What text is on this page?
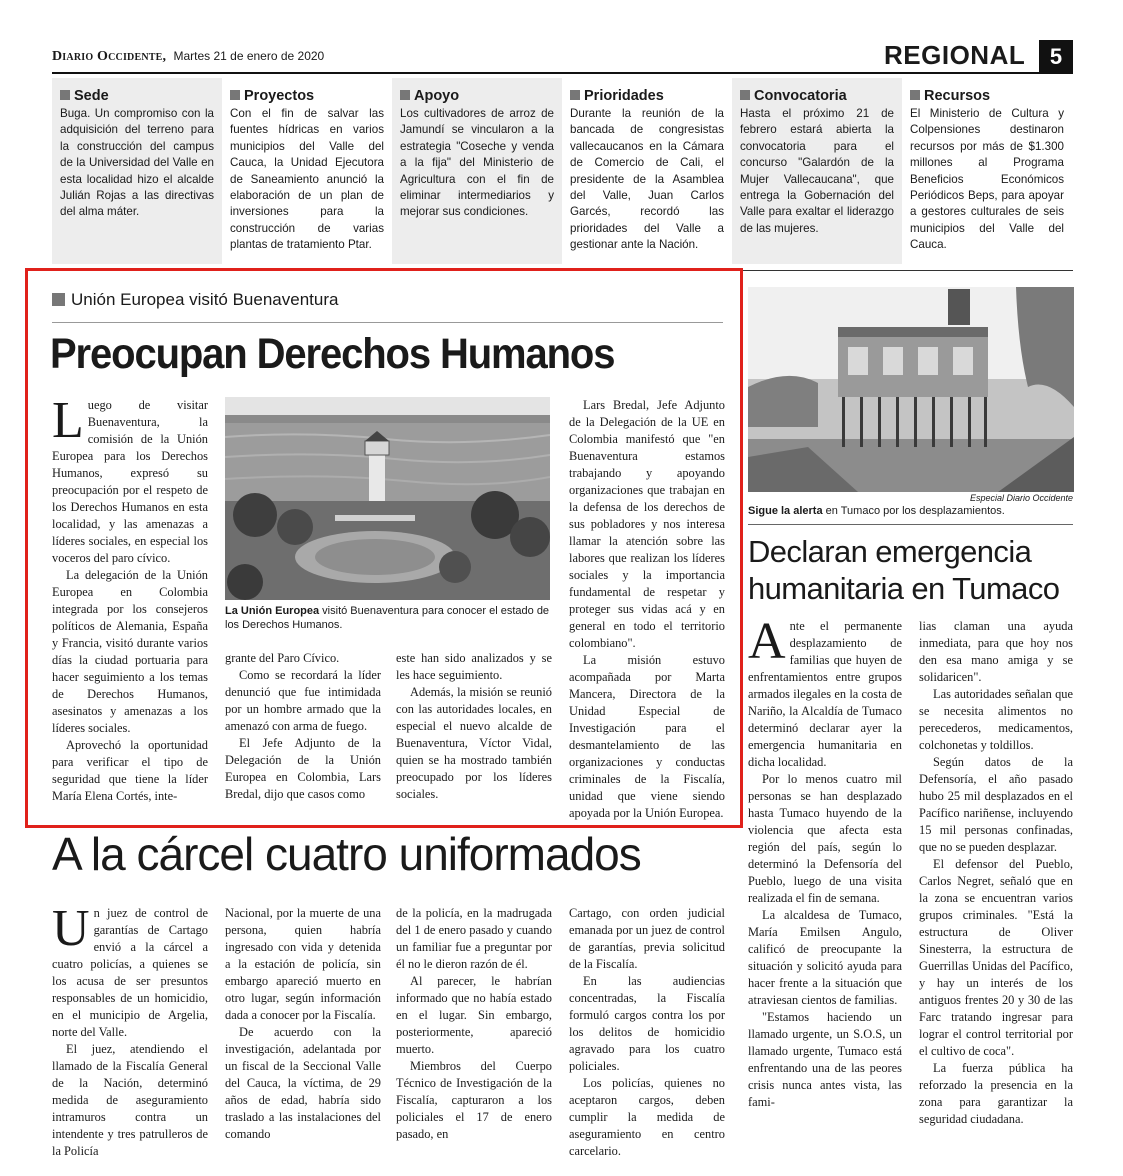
Diario Occidente, Martes 21 de enero de 2020	REGIONAL	5
Sede

Buga. Un compromiso con la adquisición del terreno para la construcción del campus de la Universidad del Valle en esta localidad hizo el alcalde Julián Rojas a las directivas del alma máter.

Proyectos

Con el fin de salvar las fuentes hídricas en varios municipios del Valle del Cauca, la Unidad Ejecutora de Saneamiento anunció la elaboración de un plan de inversiones para la construcción de varias plantas de tratamiento Ptar.

Apoyo

Los cultivadores de arroz de Jamundí se vincularon a la estrategia "Coseche y venda a la fija" del Ministerio de Agricultura con el fin de eliminar intermediarios y mejorar sus condiciones.

Prioridades

Durante la reunión de la bancada de congresistas vallecaucanos en la Cámara de Comercio de Cali, el presidente de la Asamblea del Valle, Juan Carlos Garcés, recordó las prioridades del Valle a gestionar ante la Nación.

Convocatoria

Hasta el próximo 21 de febrero estará abierta la convocatoria para el concurso "Galardón de la Mujer Vallecaucana", que entrega la Gobernación del Valle para exaltar el liderazgo de las mujeres.

Recursos

El Ministerio de Cultura y Colpensiones destinaron recursos por más de $1.300 millones al Programa Beneficios Económicos Periódicos Beps, para apoyar a gestores culturales de seis municipios del Valle del Cauca.

Unión Europea visitó Buenaventura
Preocupan Derechos Humanos

Luego de visitar Buenaventura, la comisión de la Unión Europea para los Derechos Humanos, expresó su preocupación por el respeto de los Derechos Humanos en esta localidad, y las amenazas a líderes sociales, en especial los voceros del paro cívico.

La delegación de la Unión Europea en Colombia integrada por los consejeros políticos de Alemania, España y Francia, visitó durante varios días la ciudad portuaria para hacer seguimiento a los temas de Derechos Humanos, asesinatos y amenazas a los líderes sociales.

Aprovechó la oportunidad para verificar el tipo de seguridad que tiene la líder María Elena Cortés, inte-

La Unión Europea visitó Buenaventura para conocer el estado de los Derechos Humanos.

grante del Paro Cívico.

Como se recordará la líder denunció que fue intimidada por un hombre armado que la amenazó con arma de fuego.

El Jefe Adjunto de la Delegación de la Unión Europea en Colombia, Lars Bredal, dijo que casos como

este han sido analizados y se les hace seguimiento.

Además, la misión se reunió con las autoridades locales, en especial el nuevo alcalde de Buenaventura, Víctor Vidal, quien se ha mostrado también preocupado por los líderes sociales.

Lars Bredal, Jefe Adjunto de la Delegación de la UE en Colombia manifestó que "en Buenaventura estamos trabajando y apoyando organizaciones que trabajan en la defensa de los derechos de sus pobladores y nos interesa llamar la atención sobre las labores que realizan los líderes sociales y la importancia fundamental de respetar y proteger sus vidas acá y en general en todo el territorio colombiano".

La misión estuvo acompañada por Marta Mancera, Directora de la Unidad Especial de Investigación para el desmantelamiento de las organizaciones y conductas criminales de la Fiscalía, unidad que viene siendo apoyada por la Unión Europea.

Especial Diario Occidente
Sigue la alerta en Tumaco por los desplazamientos.
Declaran emergencia humanitaria en Tumaco

Ante el permanente desplazamiento de familias que huyen de enfrentamientos entre grupos armados ilegales en la costa de Nariño, la Alcaldía de Tumaco determinó declarar ayer la emergencia humanitaria en dicha localidad.

Por lo menos cuatro mil personas se han desplazado hasta Tumaco huyendo de la violencia que afecta esta región del país, según lo determinó la Defensoría del Pueblo, luego de una visita realizada el fin de semana.

La alcaldesa de Tumaco, María Emilsen Angulo, calificó de preocupante la situación y solicitó ayuda para hacer frente a la situación que atraviesan cientos de familias.

"Estamos haciendo un llamado urgente, un S.O.S, un llamado urgente, Tumaco está enfrentando una de las peores crisis nunca antes vista, las fami-

lias claman una ayuda inmediata, para que hoy nos den esa mano amiga y se solidaricen".

Las autoridades señalan que se necesita alimentos no perecederos, medicamentos, colchonetas y toldillos.

Según datos de la Defensoría, el año pasado hubo 25 mil desplazados en el Pacífico nariñense, incluyendo 15 mil personas confinadas, que no se pueden desplazar.

El defensor del Pueblo, Carlos Negret, señaló que en la zona se encuentran varios grupos criminales. "Está la estructura de Oliver Sinesterra, la estructura de Guerrillas Unidas del Pacífico, y hay un interés de los antiguos frentes 20 y 30 de las Farc tratando ingresar para lograr el control territorial por el cultivo de coca".

La fuerza pública ha reforzado la presencia en la zona para garantizar la seguridad ciudadana.

A la cárcel cuatro uniformados

Un juez de control de garantías de Cartago envió a la cárcel a cuatro policías, a quienes se los acusa de ser presuntos responsables de un homicidio, en el municipio de Argelia, norte del Valle.

El juez, atendiendo el llamado de la Fiscalía General de la Nación, determinó medida de aseguramiento intramuros contra un intendente y tres patrulleros de la Policía

Nacional, por la muerte de una persona, quien habría ingresado con vida y detenida a la estación de policía, sin embargo apareció muerto en otro lugar, según información dada a conocer por la Fiscalía.

De acuerdo con la investigación, adelantada por un fiscal de la Seccional Valle del Cauca, la víctima, de 29 años de edad, habría sido traslado a las instalaciones del comando

de la policía, en la madrugada del 1 de enero pasado y cuando un familiar fue a preguntar por él no le dieron razón de él.

Al parecer, le habrían informado que no había estado en el lugar. Sin embargo, posteriormente, apareció muerto.

Miembros del Cuerpo Técnico de Investigación de la Fiscalía, capturaron a los policiales el 17 de enero pasado, en

Cartago, con orden judicial emanada por un juez de control de garantías, previa solicitud de la Fiscalía.

En las audiencias concentradas, la Fiscalía formuló cargos contra los por los delitos de homicidio agravado para los cuatro policiales.

Los policías, quienes no aceptaron cargos, deben cumplir la medida de aseguramiento en centro carcelario.
